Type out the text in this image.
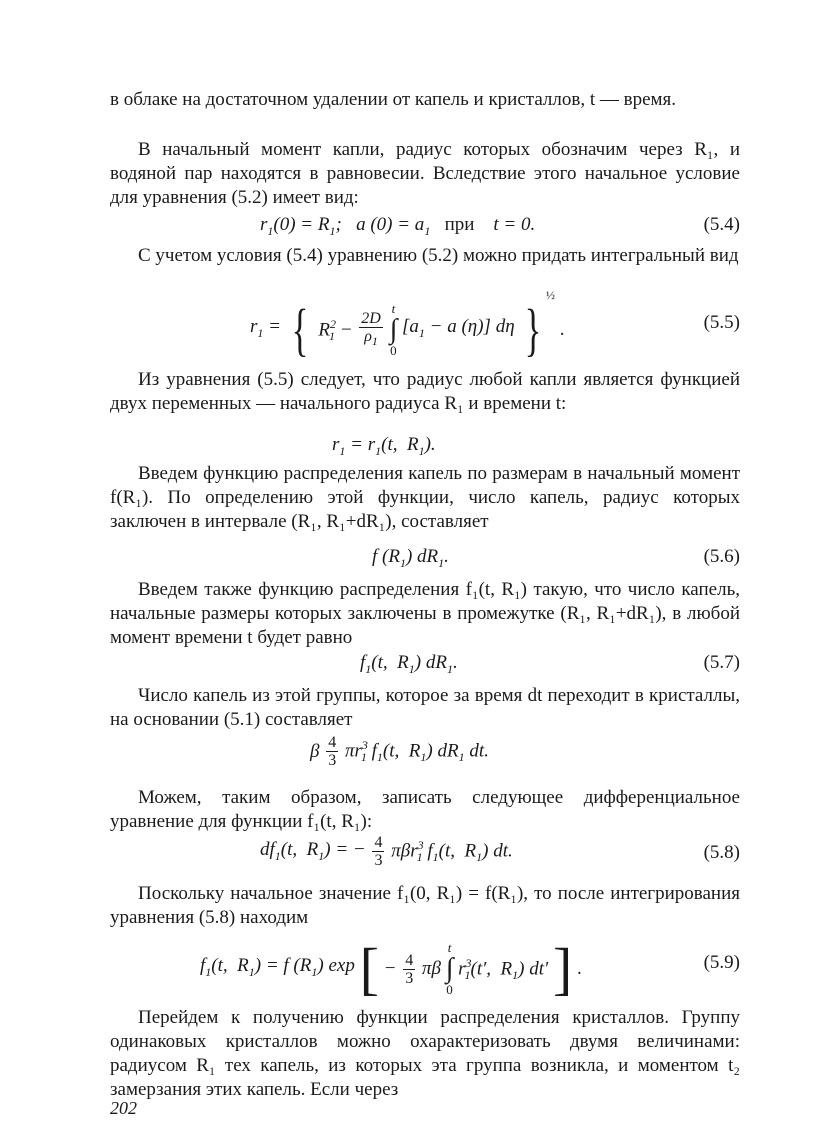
в облаке на достаточном удалении от капель и кристаллов, t — время.

В начальный момент капли, радиус которых обозначим через R₁, и водяной пар находятся в равновесии. Вследствие этого начальное условие для уравнения (5.2) имеет вид:

$r_1(0) = R_1$;   a $(0) = a_1$ при    t = 0.	(5.4)

С учетом условия (5.4) уравнению (5.2) можно придать интегральный вид

$r_1$ = { $R^2_1 - \frac{2D}{\rho_1}$

t
∫
0
[$a_1 - a$ (η)] dη } ½ .	(5.5)

Из уравнения (5.5) следует, что радиус любой капли является функцией двух переменных — начального радиуса R₁ и времени t:

$r_1 = r_1(t$,  $R_1$).

Введем функцию распределения капель по размерам в начальный момент f(R₁). По определению этой функции, число капель, радиус которых заключен в интервале (R₁, R₁+dR₁), составляет

f $(R_1)$ $dR_1$.	(5.6)

Введем также функцию распределения f₁(t, R₁) такую, что число капель, начальные размеры которых заключены в промежутке (R₁, R₁+dR₁), в любой момент времени t будет равно

$f_1(t$,  $R_1$) $dR_1$.	(5.7)

Число капель из этой группы, которое за время dt переходит в кристаллы, на основании (5.1) составляет

β $\frac{4}{3} \pi r^3_1$ $f_1(t$,  $R_1$) $dR_1$ dt.

Можем, таким образом, записать следующее дифференциальное уравнение для функции f₁(t, R₁):

$df_1(t$,  $R_1$) = − $\frac{4}{3} \pi\beta r^3_1$ $f_1(t$,  $R_1$) dt.	(5.8)

Поскольку начальное значение f₁(0, R₁) = f(R₁), то после интегрирования уравнения (5.8) находим

$f_1(t$,  $R_1) = f$ $(R_1)$ exp [ − $\frac{4}{3}$ πβ
t
∫
0
$r^3_1(t'$,  $R_1$) dt′ ] .	(5.9)

Перейдем к получению функции распределения кристаллов. Группу одинаковых кристаллов можно охарактеризовать двумя величинами: радиусом R₁ тех капель, из которых эта группа возникла, и моментом t₂ замерзания этих капель. Если через

202
